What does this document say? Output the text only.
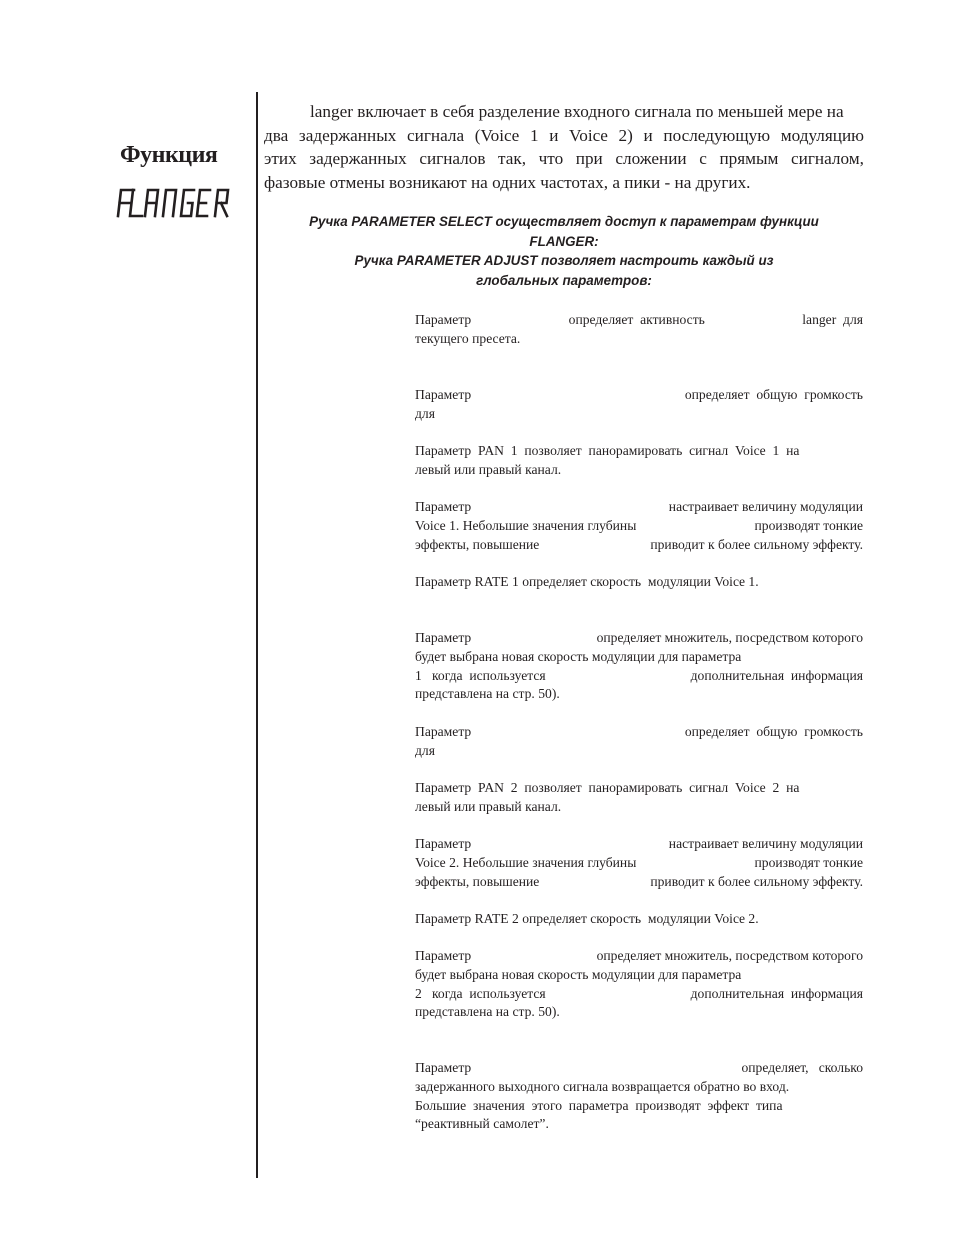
Функция
langer включает в себя разделение входного сигнала по меньшей мере на
два задержанных сигнала (Voice 1 и Voice 2) и последующую модуляцию
этих задержанных сигналов так, что при сложении с прямым сигналом,
фазовые отмены возникают на одних частотах, а пики - на других.
Ручка PARAMETER SELECT осуществляет доступ к параметрам функции
FLANGER:
Ручка PARAMETER ADJUST позволяет настроить каждый из
глобальных параметров:
Параметр	определяет  активность	langer  для
текущего пресета.
Параметр	определяет  общую  громкость
для
Параметр  PAN  1  позволяет  панорамировать  сигнал  Voice  1  на
левый или правый канал.
Параметр	настраивает величину модуляции
Voice 1. Небольшие значения глубины	производят тонкие
эффекты, повышение	приводит к более сильному эффекту.
Параметр RATE 1 определяет скорость  модуляции Voice 1.
Параметр	определяет множитель, посредством которого
будет выбрана новая скорость модуляции для параметра
1   когда  используется	дополнительная  информация
представлена на стр. 50).
Параметр	определяет  общую  громкость
для
Параметр  PAN  2  позволяет  панорамировать  сигнал  Voice  2  на
левый или правый канал.
Параметр	настраивает величину модуляции
Voice 2. Небольшие значения глубины	производят тонкие
эффекты, повышение	приводит к более сильному эффекту.
Параметр RATE 2 определяет скорость  модуляции Voice 2.
Параметр	определяет множитель, посредством которого
будет выбрана новая скорость модуляции для параметра
2   когда  используется	дополнительная  информация
представлена на стр. 50).
Параметр	определяет,   сколько
задержанного выходного сигнала возвращается обратно во вход.
Большие  значения  этого  параметра  производят  эффект  типа
“реактивный самолет”.
